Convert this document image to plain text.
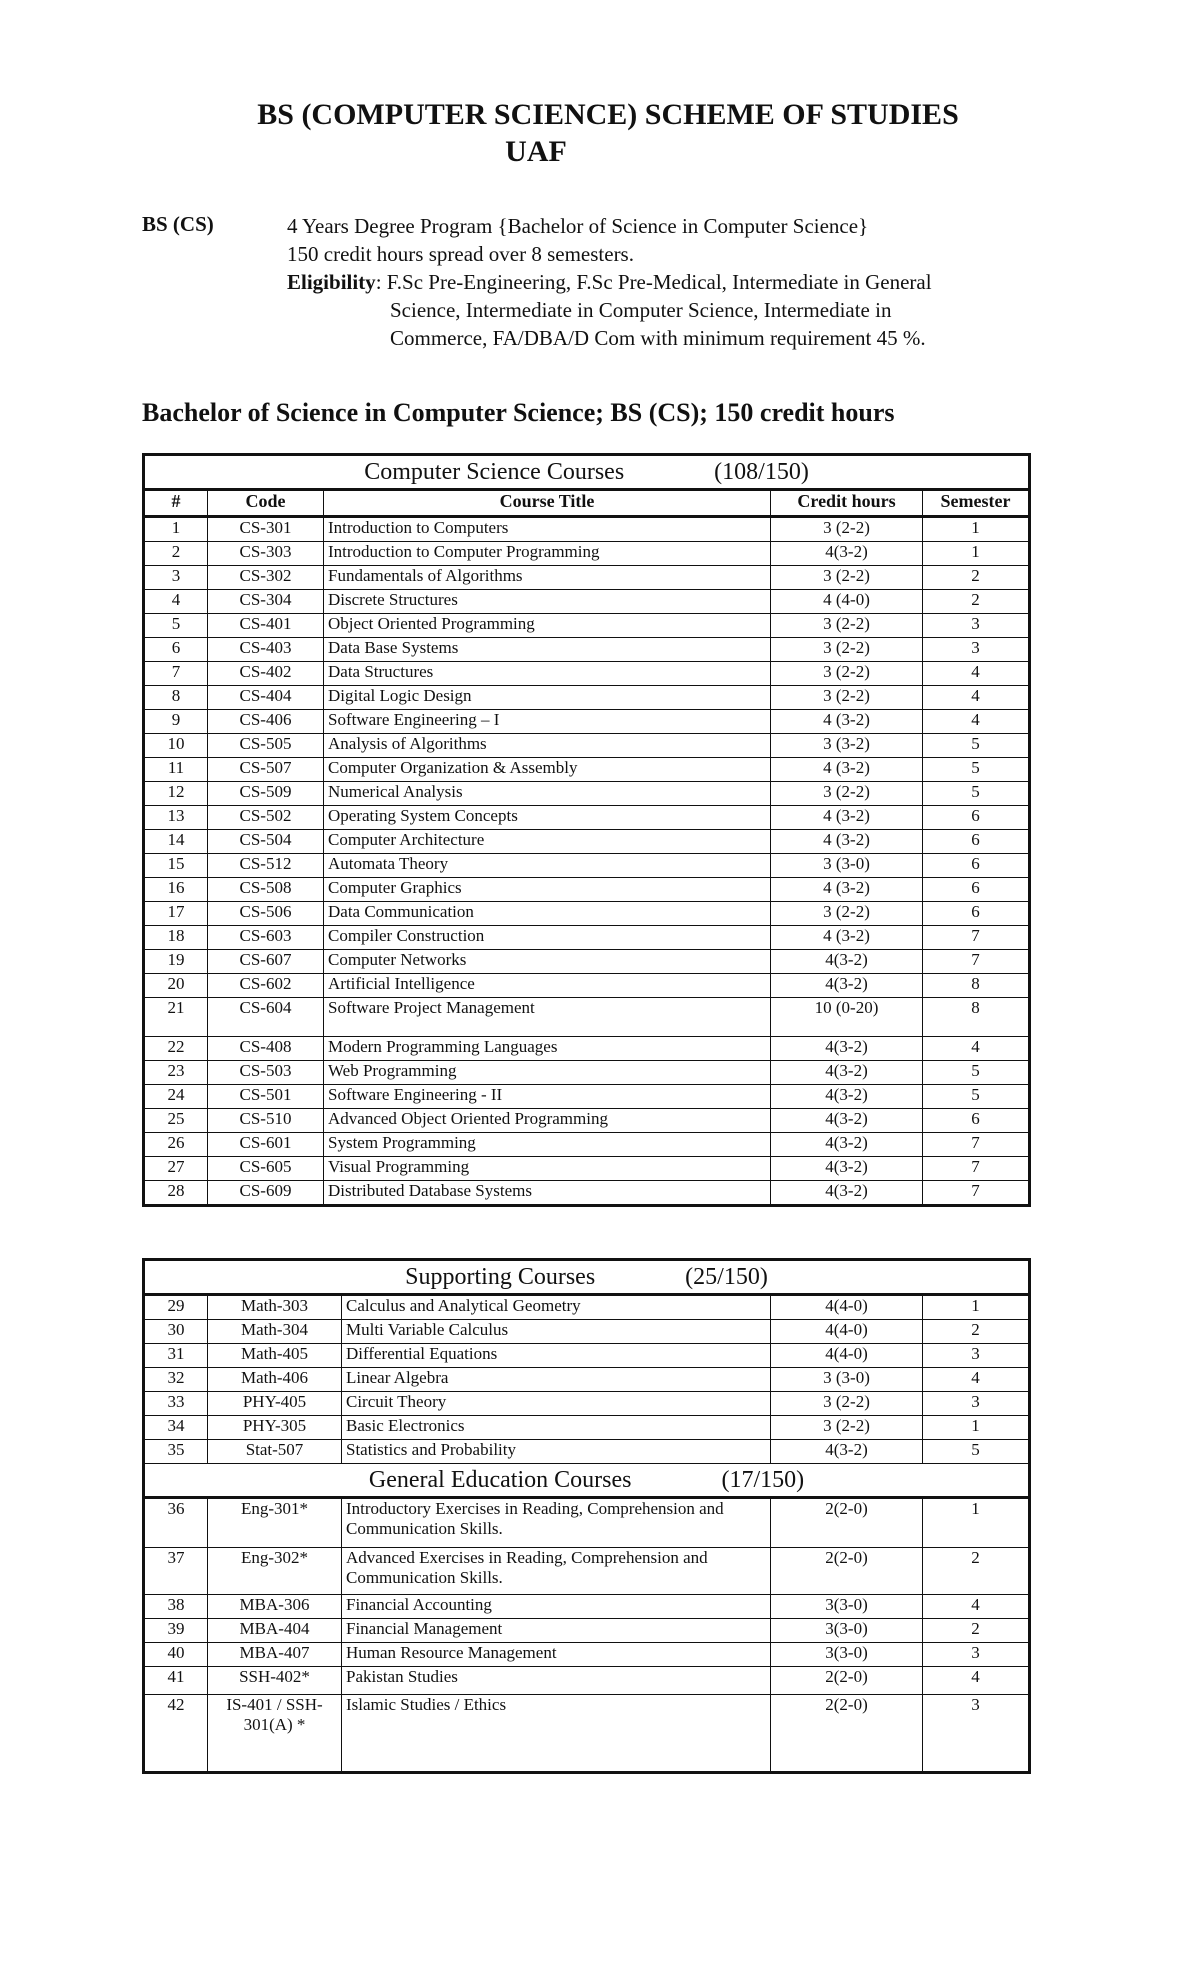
BS (COMPUTER SCIENCE) SCHEME OF STUDIES
UAF
BS (CS)	4 Years Degree Program {Bachelor of Science in Computer Science}
150 credit hours spread over 8 semesters.
Eligibility: F.Sc Pre-Engineering, F.Sc Pre-Medical, Intermediate in General
Science, Intermediate in Computer Science, Intermediate in
Commerce, FA/DBA/D Com with minimum requirement 45 %.
Bachelor of Science in Computer Science; BS (CS); 150 credit hours
Computer Science Courses (108/150)				
#	Code	Course Title	Credit hours	Semester
1	CS-301	Introduction to Computers	3 (2-2)	1
2	CS-303	Introduction to Computer Programming	4(3-2)	1
3	CS-302	Fundamentals of Algorithms	3 (2-2)	2
4	CS-304	Discrete Structures	4 (4-0)	2
5	CS-401	Object Oriented Programming	3 (2-2)	3
6	CS-403	Data Base Systems	3 (2-2)	3
7	CS-402	Data Structures	3 (2-2)	4
8	CS-404	Digital Logic Design	3 (2-2)	4
9	CS-406	Software Engineering – I	4 (3-2)	4
10	CS-505	Analysis of Algorithms	3 (3-2)	5
11	CS-507	Computer Organization & Assembly	4 (3-2)	5
12	CS-509	Numerical Analysis	3 (2-2)	5
13	CS-502	Operating System Concepts	4 (3-2)	6
14	CS-504	Computer Architecture	4 (3-2)	6
15	CS-512	Automata Theory	3 (3-0)	6
16	CS-508	Computer Graphics	4 (3-2)	6
17	CS-506	Data Communication	3 (2-2)	6
18	CS-603	Compiler Construction	4 (3-2)	7
19	CS-607	Computer Networks	4(3-2)	7
20	CS-602	Artificial Intelligence	4(3-2)	8
21	CS-604	Software Project Management	10 (0-20)	8
22	CS-408	Modern Programming Languages	4(3-2)	4
23	CS-503	Web Programming	4(3-2)	5
24	CS-501	Software Engineering - II	4(3-2)	5
25	CS-510	Advanced Object Oriented Programming	4(3-2)	6
26	CS-601	System Programming	4(3-2)	7
27	CS-605	Visual Programming	4(3-2)	7
28	CS-609	Distributed Database Systems	4(3-2)	7
Supporting Courses (25/150)				
29	Math-303	Calculus and Analytical Geometry	4(4-0)	1
30	Math-304	Multi Variable Calculus	4(4-0)	2
31	Math-405	Differential Equations	4(4-0)	3
32	Math-406	Linear Algebra	3 (3-0)	4
33	PHY-405	Circuit Theory	3 (2-2)	3
34	PHY-305	Basic Electronics	3 (2-2)	1
35	Stat-507	Statistics and Probability	4(3-2)	5
General Education Courses (17/150)				
36	Eng-301*	Introductory Exercises in Reading, Comprehension and Communication Skills.	2(2-0)	1
37	Eng-302*	Advanced Exercises in Reading, Comprehension and Communication Skills.	2(2-0)	2
38	MBA-306	Financial Accounting	3(3-0)	4
39	MBA-404	Financial Management	3(3-0)	2
40	MBA-407	Human Resource Management	3(3-0)	3
41	SSH-402*	Pakistan Studies	2(2-0)	4
42	IS-401 / SSH-301(A) *	Islamic Studies / Ethics	2(2-0)	3
